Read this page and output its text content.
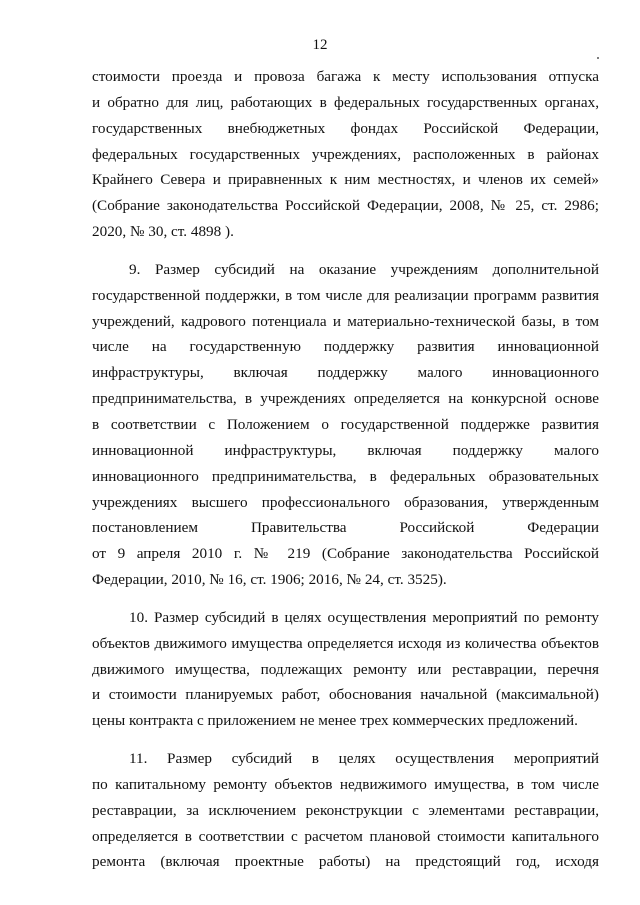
12
стоимости проезда и провоза багажа к месту использования отпуска
и обратно для лиц, работающих в федеральных государственных органах,
государственных внебюджетных фондах Российской Федерации,
федеральных государственных учреждениях, расположенных в районах
Крайнего Севера и приравненных к ним местностях, и членов их семей»
(Собрание законодательства Российской Федерации, 2008, № 25, ст. 2986;
2020, № 30, ст. 4898 ).
9. Размер субсидий на оказание учреждениям дополнительной
государственной поддержки, в том числе для реализации программ развития
учреждений, кадрового потенциала и материально-технической базы, в том
числе на государственную поддержку развития инновационной
инфраструктуры, включая поддержку малого инновационного
предпринимательства, в учреждениях определяется на конкурсной основе
в соответствии с Положением о государственной поддержке развития
инновационной инфраструктуры, включая поддержку малого
инновационного предпринимательства, в федеральных образовательных
учреждениях высшего профессионального образования, утвержденным
постановлением Правительства Российской Федерации
от 9 апреля 2010 г. № 219 (Собрание законодательства Российской
Федерации, 2010, № 16, ст. 1906; 2016, № 24, ст. 3525).
10. Размер субсидий в целях осуществления мероприятий по ремонту
объектов движимого имущества определяется исходя из количества объектов
движимого имущества, подлежащих ремонту или реставрации, перечня
и стоимости планируемых работ, обоснования начальной (максимальной)
цены контракта с приложением не менее трех коммерческих предложений.
11. Размер субсидий в целях осуществления мероприятий
по капитальному ремонту объектов недвижимого имущества, в том числе
реставрации, за исключением реконструкции с элементами реставрации,
определяется в соответствии с расчетом плановой стоимости капитального
ремонта (включая проектные работы) на предстоящий год, исходя
